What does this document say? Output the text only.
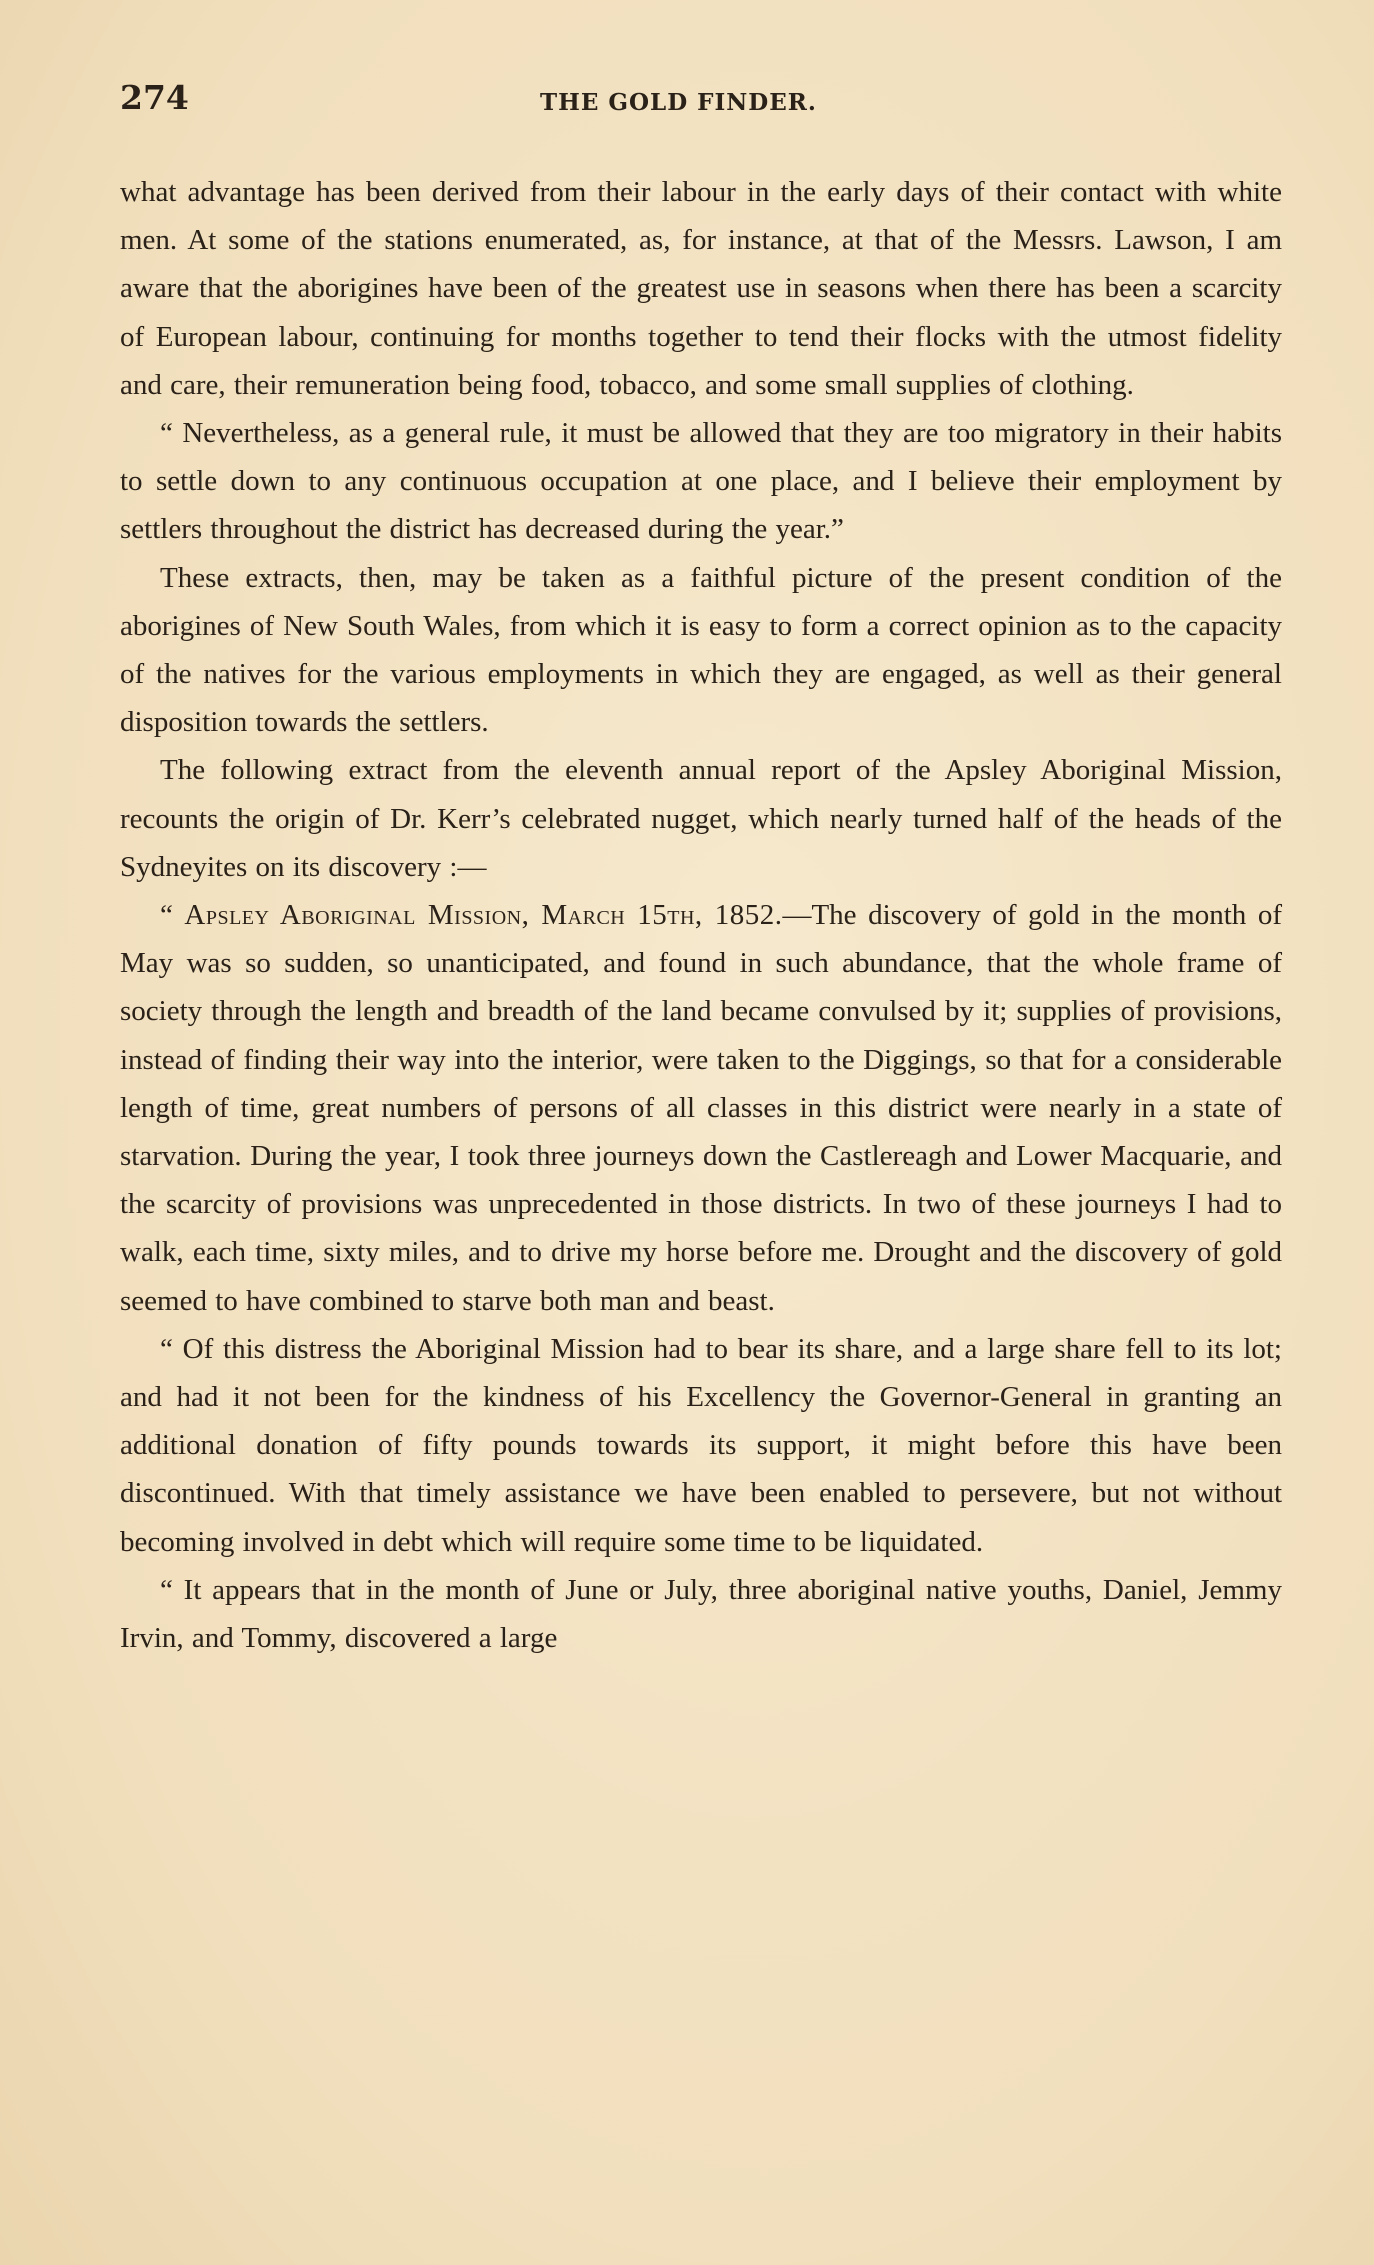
274	THE GOLD FINDER.

what advantage has been derived from their labour in the early days of their contact with white men. At some of the stations enumerated, as, for instance, at that of the Messrs. Lawson, I am aware that the aborigines have been of the greatest use in seasons when there has been a scarcity of European labour, continuing for months together to tend their flocks with the utmost fidelity and care, their remuneration being food, tobacco, and some small supplies of clothing.

“ Nevertheless, as a general rule, it must be allowed that they are too migratory in their habits to settle down to any continuous occupation at one place, and I believe their employment by settlers throughout the district has decreased during the year.”

These extracts, then, may be taken as a faithful picture of the present condition of the aborigines of New South Wales, from which it is easy to form a correct opinion as to the capacity of the natives for the various employments in which they are engaged, as well as their general disposition towards the settlers.

The following extract from the eleventh annual report of the Apsley Aboriginal Mission, recounts the origin of Dr. Kerr’s celebrated nugget, which nearly turned half of the heads of the Sydneyites on its discovery :—

“ Apsley Aboriginal Mission, March 15th, 1852.—The discovery of gold in the month of May was so sudden, so unanticipated, and found in such abundance, that the whole frame of society through the length and breadth of the land became convulsed by it; supplies of provisions, instead of finding their way into the interior, were taken to the Diggings, so that for a considerable length of time, great numbers of persons of all classes in this district were nearly in a state of starvation. During the year, I took three journeys down the Castlereagh and Lower Macquarie, and the scarcity of provisions was unprecedented in those districts. In two of these journeys I had to walk, each time, sixty miles, and to drive my horse before me. Drought and the discovery of gold seemed to have combined to starve both man and beast.

“ Of this distress the Aboriginal Mission had to bear its share, and a large share fell to its lot; and had it not been for the kindness of his Excellency the Governor-General in granting an additional donation of fifty pounds towards its support, it might before this have been discontinued. With that timely assistance we have been enabled to persevere, but not without becoming involved in debt which will require some time to be liquidated.

“ It appears that in the month of June or July, three aboriginal native youths, Daniel, Jemmy Irvin, and Tommy, discovered a large
